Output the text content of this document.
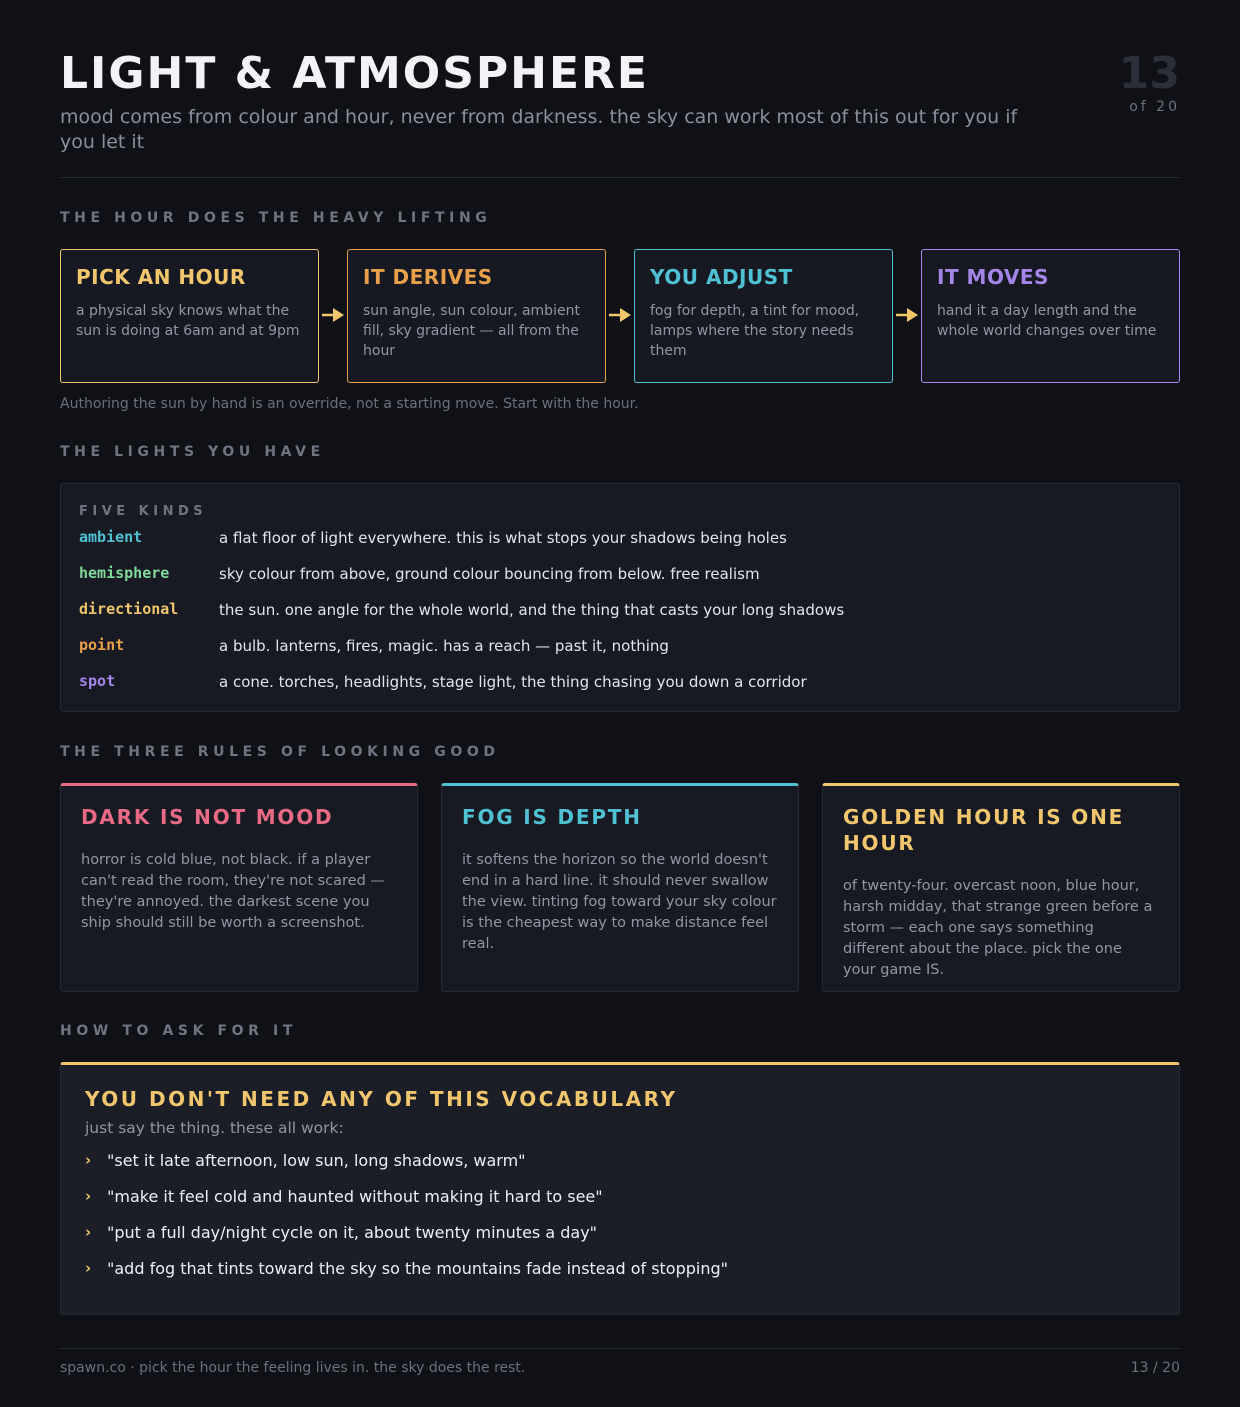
LIGHT & ATMOSPHERE

mood comes from colour and hour, never from darkness. the sky can work most of this out for you if you let it

13
of 20
THE HOUR DOES THE HEAVY LIFTING
PICK AN HOUR

a physical sky knows what the sun is doing at 6am and at 9pm

IT DERIVES

sun angle, sun colour, ambient fill, sky gradient — all from the hour

YOU ADJUST

fog for depth, a tint for mood, lamps where the story needs them

IT MOVES

hand it a day length and the whole world changes over time

Authoring the sun by hand is an override, not a starting move. Start with the hour.

THE LIGHTS YOU HAVE
FIVE KINDS
ambient	a flat floor of light everywhere. this is what stops your shadows being holes
hemisphere	sky colour from above, ground colour bouncing from below. free realism
directional	the sun. one angle for the whole world, and the thing that casts your long shadows
point	a bulb. lanterns, fires, magic. has a reach — past it, nothing
spot	a cone. torches, headlights, stage light, the thing chasing you down a corridor
THE THREE RULES OF LOOKING GOOD
DARK IS NOT MOOD

horror is cold blue, not black. if a player can't read the room, they're not scared — they're annoyed. the darkest scene you ship should still be worth a screenshot.

FOG IS DEPTH

it softens the horizon so the world doesn't end in a hard line. it should never swallow the view. tinting fog toward your sky colour is the cheapest way to make distance feel real.

GOLDEN HOUR IS ONE HOUR

of twenty-four. overcast noon, blue hour, harsh midday, that strange green before a storm — each one says something different about the place. pick the one your game IS.

HOW TO ASK FOR IT
YOU DON'T NEED ANY OF THIS VOCABULARY

just say the thing. these all work:

› "set it late afternoon, low sun, long shadows, warm"
› "make it feel cold and haunted without making it hard to see"
› "put a full day/night cycle on it, about twenty minutes a day"
› "add fog that tints toward the sky so the mountains fade instead of stopping"
spawn.co · pick the hour the feeling lives in. the sky does the rest.	13 / 20
